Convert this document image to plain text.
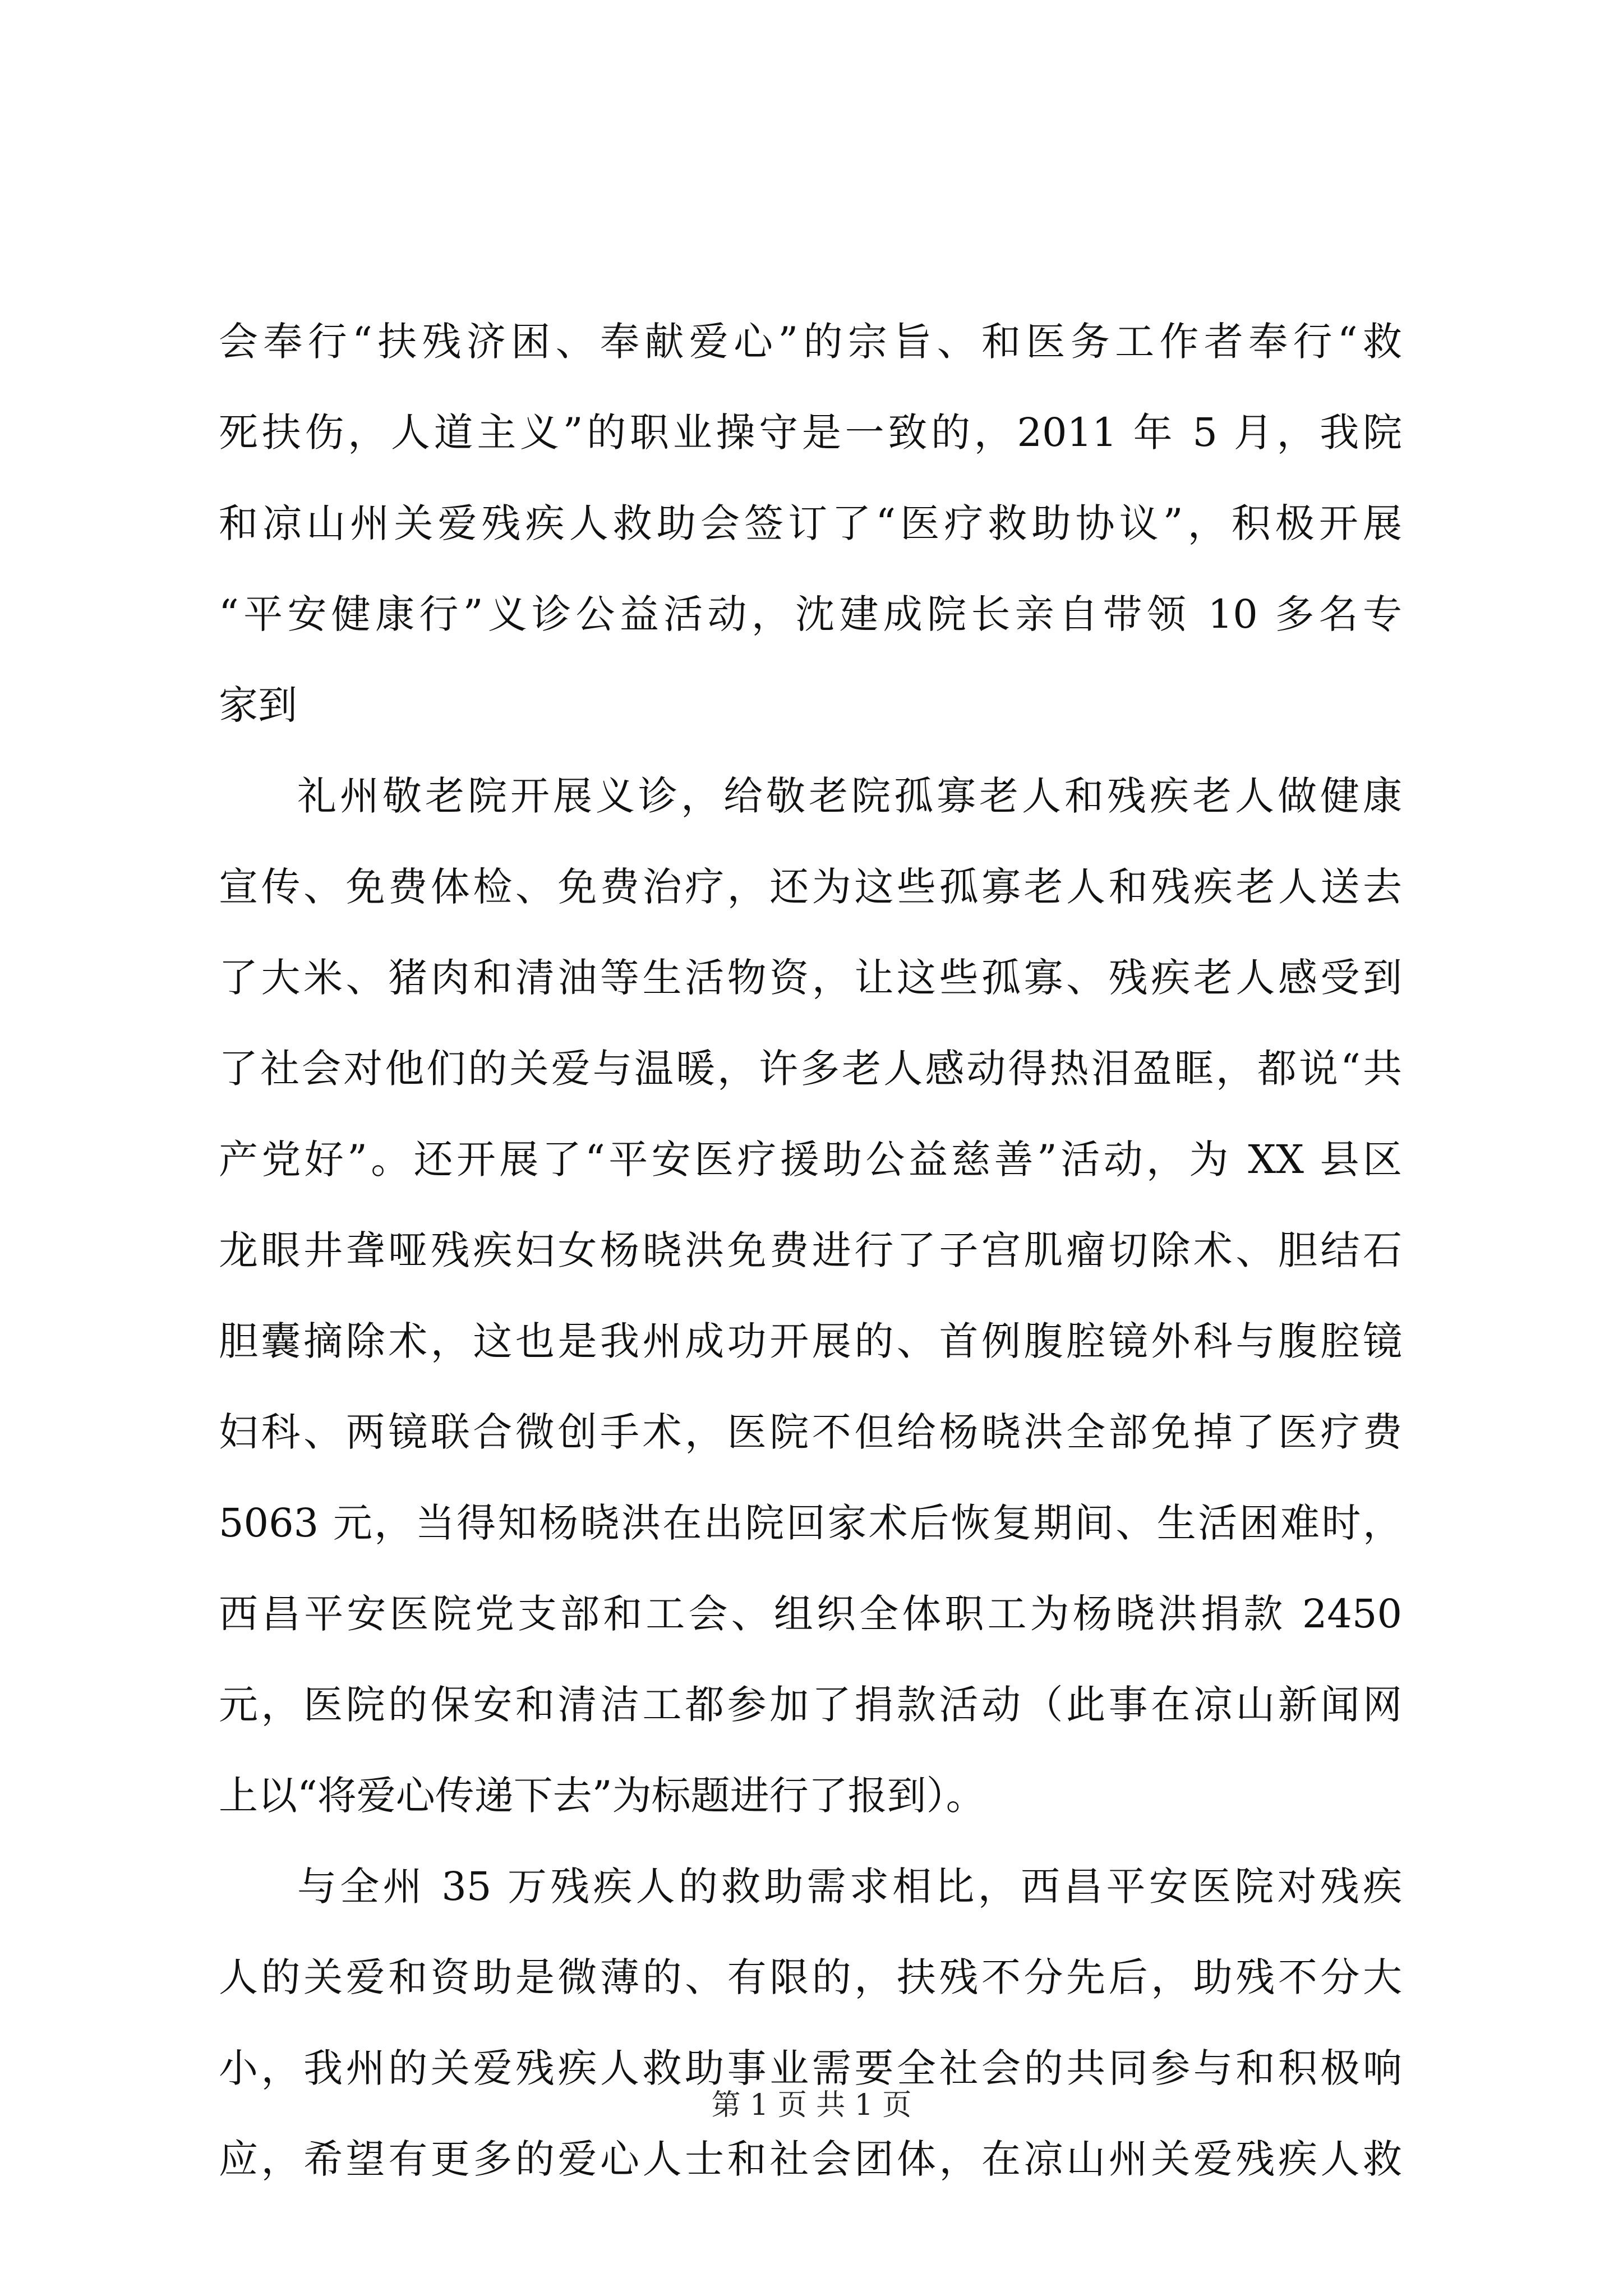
会奉行“扶残济困、奉献爱心”的宗旨、和医务工作者奉行“救
死扶伤，人道主义”的职业操守是一致的，2011 年 5 月，我院
和凉山州关爱残疾人救助会签订了“医疗救助协议”，积极开展
“平安健康行”义诊公益活动，沈建成院长亲自带领 10 多名专
家到
礼州敬老院开展义诊，给敬老院孤寡老人和残疾老人做健康
宣传、免费体检、免费治疗，还为这些孤寡老人和残疾老人送去
了大米、猪肉和清油等生活物资，让这些孤寡、残疾老人感受到
了社会对他们的关爱与温暖，许多老人感动得热泪盈眶，都说“共
产党好”。还开展了“平安医疗援助公益慈善”活动，为 XX 县区
龙眼井聋哑残疾妇女杨晓洪免费进行了子宫肌瘤切除术、胆结石
胆囊摘除术，这也是我州成功开展的、首例腹腔镜外科与腹腔镜
妇科、两镜联合微创手术，医院不但给杨晓洪全部免掉了医疗费
5063 元，当得知杨晓洪在出院回家术后恢复期间、生活困难时，
西昌平安医院党支部和工会、组织全体职工为杨晓洪捐款 2450
元，医院的保安和清洁工都参加了捐款活动（此事在凉山新闻网
上以“将爱心传递下去”为标题进行了报到）。
与全州 35 万残疾人的救助需求相比，西昌平安医院对残疾
人的关爱和资助是微薄的、有限的，扶残不分先后，助残不分大
小，我州的关爱残疾人救助事业需要全社会的共同参与和积极响
应，希望有更多的爱心人士和社会团体，在凉山州关爱残疾人救
第 1 页 共 1 页
